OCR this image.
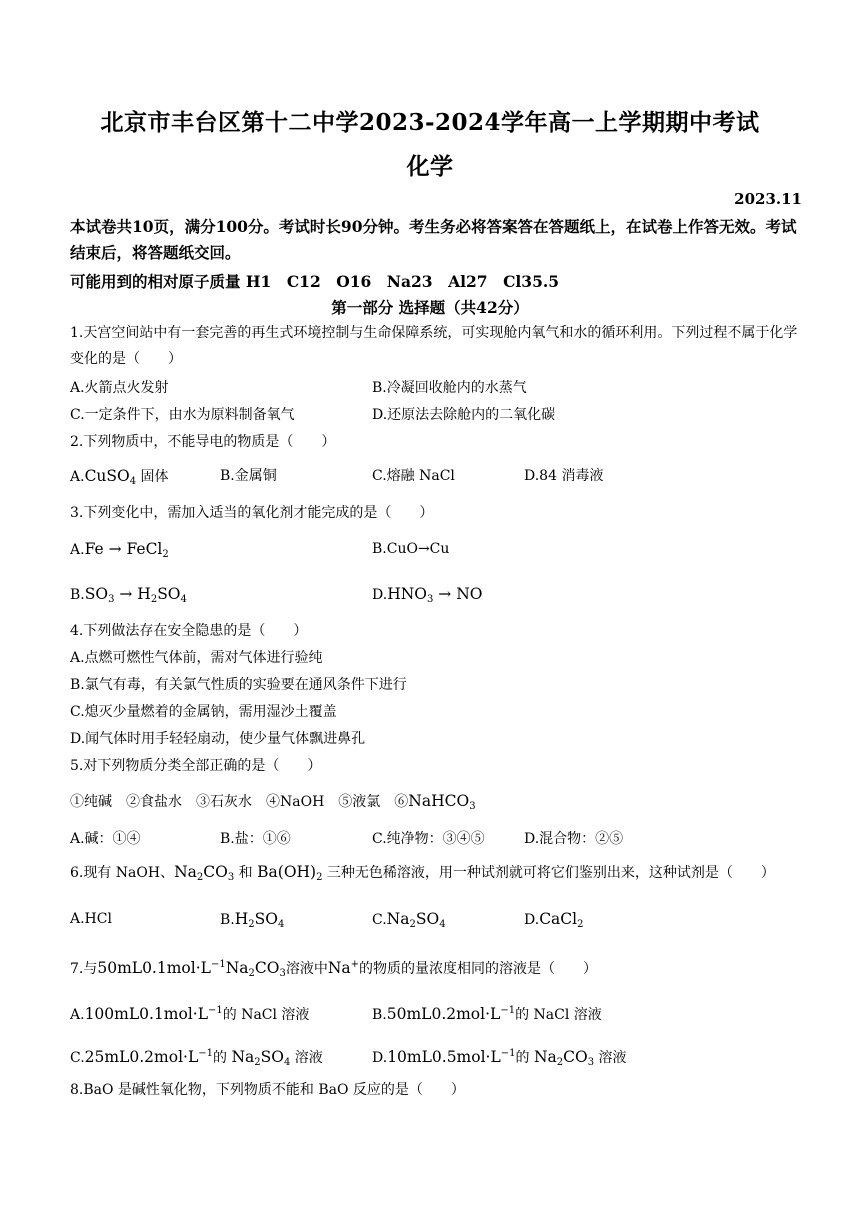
北京市丰台区第十二中学2023-2024学年高一上学期期中考试
化学
2023.11
本试卷共10页，满分100分。考试时长90分钟。考生务必将答案答在答题纸上，在试卷上作答无效。考试结束后，将答题纸交回。
可能用到的相对原子质量 H1　C12　O16　Na23　Al27　Cl35.5
第一部分 选择题（共42分）
1.天宫空间站中有一套完善的再生式环境控制与生命保障系统，可实现舱内氧气和水的循环利用。下列过程不属于化学变化的是（　　）
A.火箭点火发射	B.冷凝回收舱内的水蒸气
C.一定条件下，由水为原料制备氧气	D.还原法去除舱内的二氧化碳
2.下列物质中，不能导电的物质是（　　）
A.CuSO$_4$ 固体	B.金属铜	C.熔融 NaCl	D.84 消毒液
3.下列变化中，需加入适当的氧化剂才能完成的是（　　）
A.Fe → FeCl$_2$	B.CuO→Cu
$B.SO_3 \to H_2SO_4$	$D.HNO_3$ → NO
4.下列做法存在安全隐患的是（　　）
A.点燃可燃性气体前，需对气体进行验纯
B.氯气有毒，有关氯气性质的实验要在通风条件下进行
C.熄灭少量燃着的金属钠，需用湿沙土覆盖
D.闻气体时用手轻轻扇动，使少量气体飘进鼻孔
5.对下列物质分类全部正确的是（　　）
①纯碱　②食盐水　③石灰水　④NaOH　⑤液氯　⑥NaHCO$_3$
A.碱：①④	B.盐：①⑥	C.纯净物：③④⑤	D.混合物：②⑤
6.现有 NaOH、$Na_2CO_3$ 和 $Ba(OH)_2$ 三种无色稀溶液，用一种试剂就可将它们鉴别出来，这种试剂是（　　）
A.HCl	$B.H_2SO_4$	$C.Na_2SO_4$	D.CaCl$_2$
7.与$50mL0.1mol\cdot L^{-1}Na_2CO_3$溶液中Na+的物质的量浓度相同的溶液是（　　）
$A.100mL0.1mol\cdot L^{-1}$的 NaCl 溶液	$B.50mL0.2mol\cdot L^{-1}$的 NaCl 溶液
$C.25mL0.2mol\cdot L^{-1}$的 $Na_2SO_4$ 溶液	$D.10mL0.5mol\cdot L^{-1}$的 $Na_2CO_3$ 溶液
8.BaO 是碱性氧化物，下列物质不能和 BaO 反应的是（　　）
